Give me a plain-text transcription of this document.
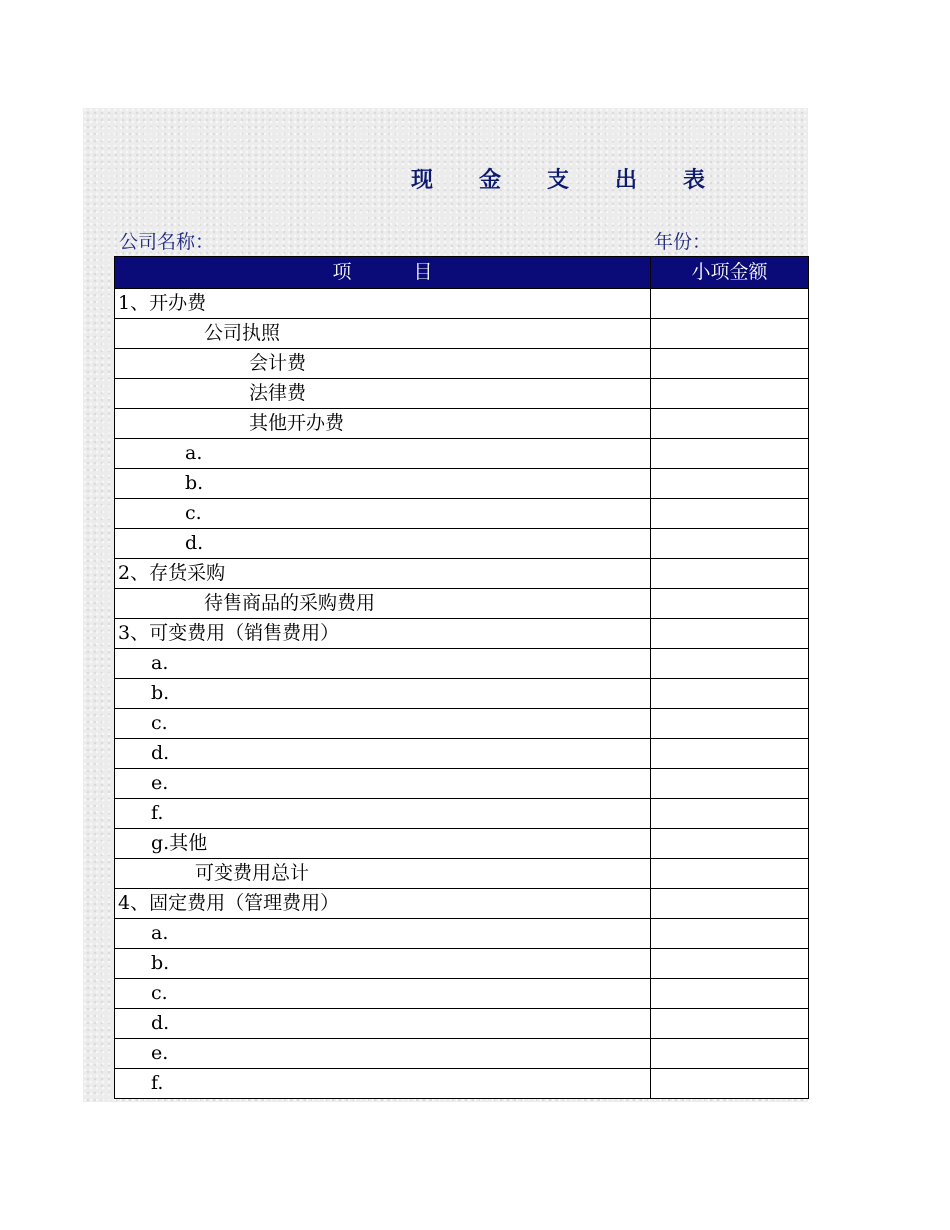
现 金 支 出 表
公司名称：	年份：
项 目	小项金额
1、开办费	
公司执照	
会计费	
法律费	
其他开办费	
a.	
b.	
c.	
d.	
2、存货采购	
待售商品的采购费用	
3、可变费用（销售费用）	
a.	
b.	
c.	
d.	
e.	
f.	
g.其他	
可变费用总计	
4、固定费用（管理费用）	
a.	
b.	
c.	
d.	
e.	
f.	
